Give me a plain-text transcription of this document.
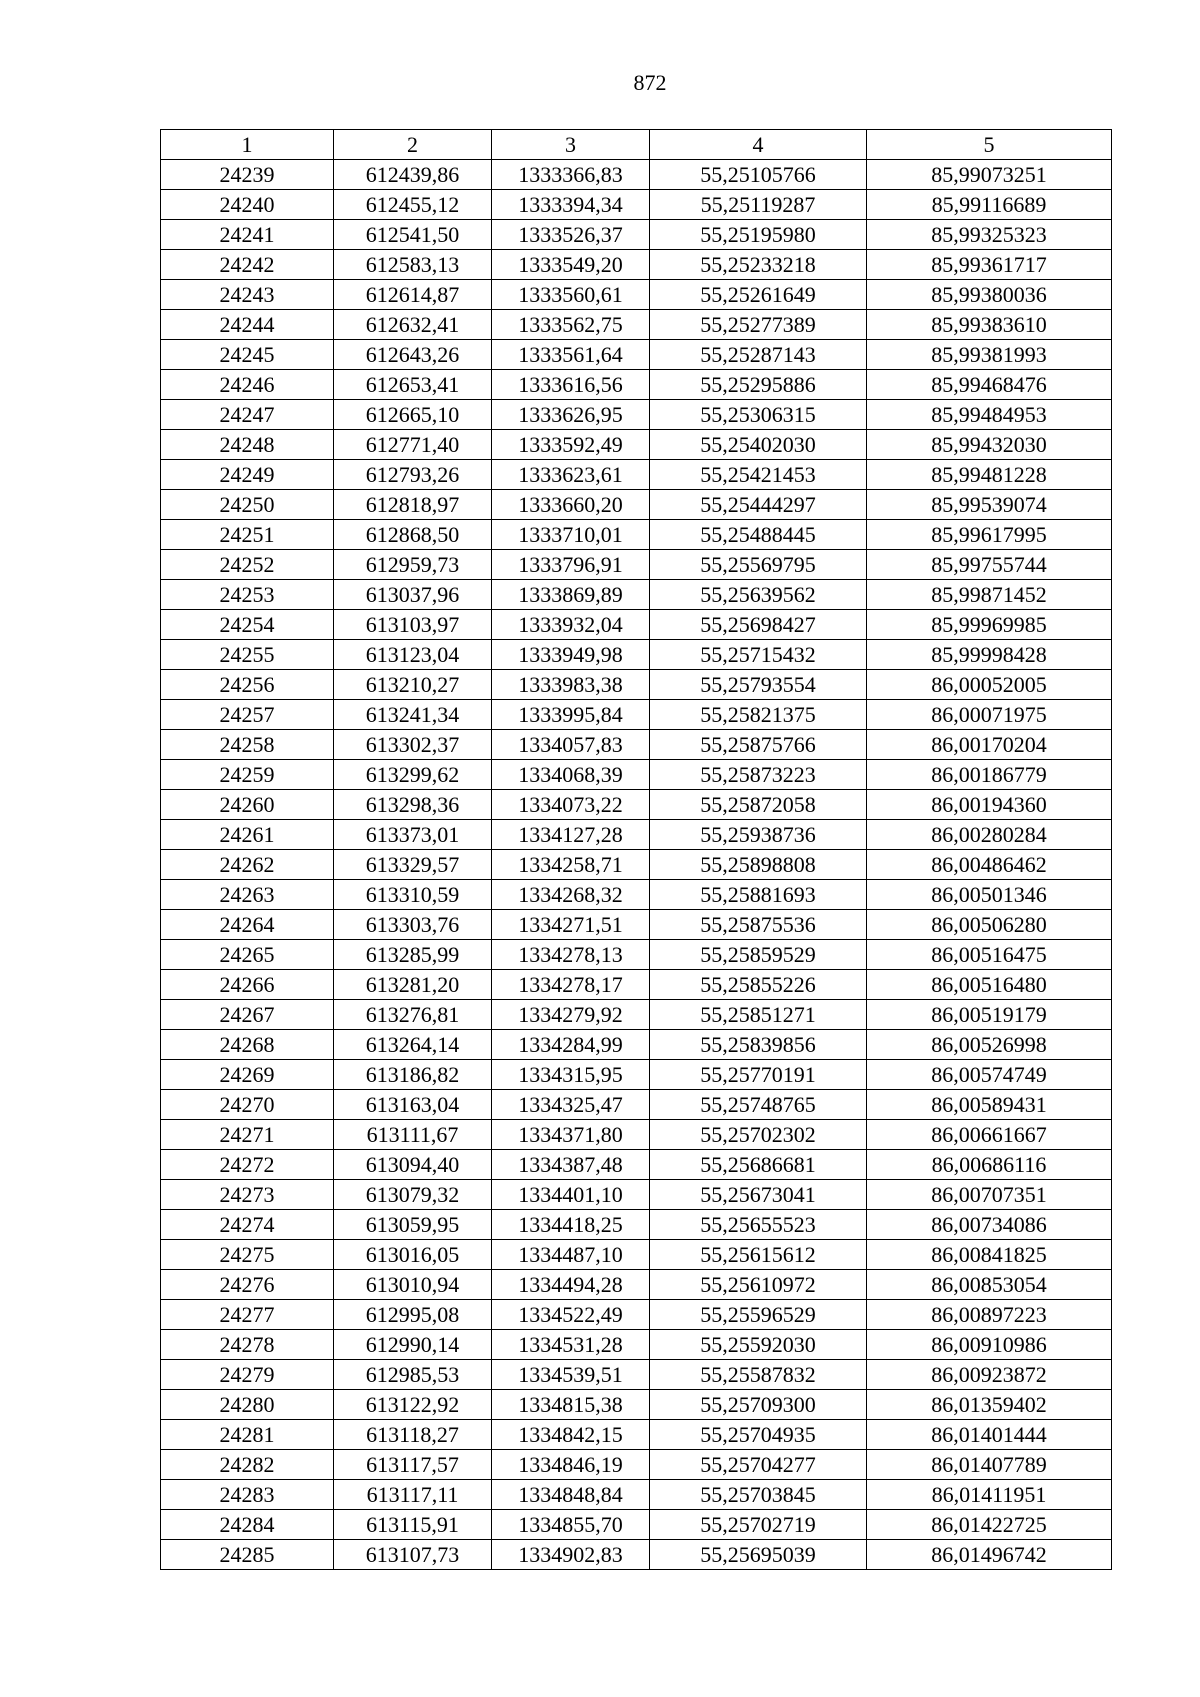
872
1	2	3	4	5
24239	612439,86	1333366,83	55,25105766	85,99073251
24240	612455,12	1333394,34	55,25119287	85,99116689
24241	612541,50	1333526,37	55,25195980	85,99325323
24242	612583,13	1333549,20	55,25233218	85,99361717
24243	612614,87	1333560,61	55,25261649	85,99380036
24244	612632,41	1333562,75	55,25277389	85,99383610
24245	612643,26	1333561,64	55,25287143	85,99381993
24246	612653,41	1333616,56	55,25295886	85,99468476
24247	612665,10	1333626,95	55,25306315	85,99484953
24248	612771,40	1333592,49	55,25402030	85,99432030
24249	612793,26	1333623,61	55,25421453	85,99481228
24250	612818,97	1333660,20	55,25444297	85,99539074
24251	612868,50	1333710,01	55,25488445	85,99617995
24252	612959,73	1333796,91	55,25569795	85,99755744
24253	613037,96	1333869,89	55,25639562	85,99871452
24254	613103,97	1333932,04	55,25698427	85,99969985
24255	613123,04	1333949,98	55,25715432	85,99998428
24256	613210,27	1333983,38	55,25793554	86,00052005
24257	613241,34	1333995,84	55,25821375	86,00071975
24258	613302,37	1334057,83	55,25875766	86,00170204
24259	613299,62	1334068,39	55,25873223	86,00186779
24260	613298,36	1334073,22	55,25872058	86,00194360
24261	613373,01	1334127,28	55,25938736	86,00280284
24262	613329,57	1334258,71	55,25898808	86,00486462
24263	613310,59	1334268,32	55,25881693	86,00501346
24264	613303,76	1334271,51	55,25875536	86,00506280
24265	613285,99	1334278,13	55,25859529	86,00516475
24266	613281,20	1334278,17	55,25855226	86,00516480
24267	613276,81	1334279,92	55,25851271	86,00519179
24268	613264,14	1334284,99	55,25839856	86,00526998
24269	613186,82	1334315,95	55,25770191	86,00574749
24270	613163,04	1334325,47	55,25748765	86,00589431
24271	613111,67	1334371,80	55,25702302	86,00661667
24272	613094,40	1334387,48	55,25686681	86,00686116
24273	613079,32	1334401,10	55,25673041	86,00707351
24274	613059,95	1334418,25	55,25655523	86,00734086
24275	613016,05	1334487,10	55,25615612	86,00841825
24276	613010,94	1334494,28	55,25610972	86,00853054
24277	612995,08	1334522,49	55,25596529	86,00897223
24278	612990,14	1334531,28	55,25592030	86,00910986
24279	612985,53	1334539,51	55,25587832	86,00923872
24280	613122,92	1334815,38	55,25709300	86,01359402
24281	613118,27	1334842,15	55,25704935	86,01401444
24282	613117,57	1334846,19	55,25704277	86,01407789
24283	613117,11	1334848,84	55,25703845	86,01411951
24284	613115,91	1334855,70	55,25702719	86,01422725
24285	613107,73	1334902,83	55,25695039	86,01496742
